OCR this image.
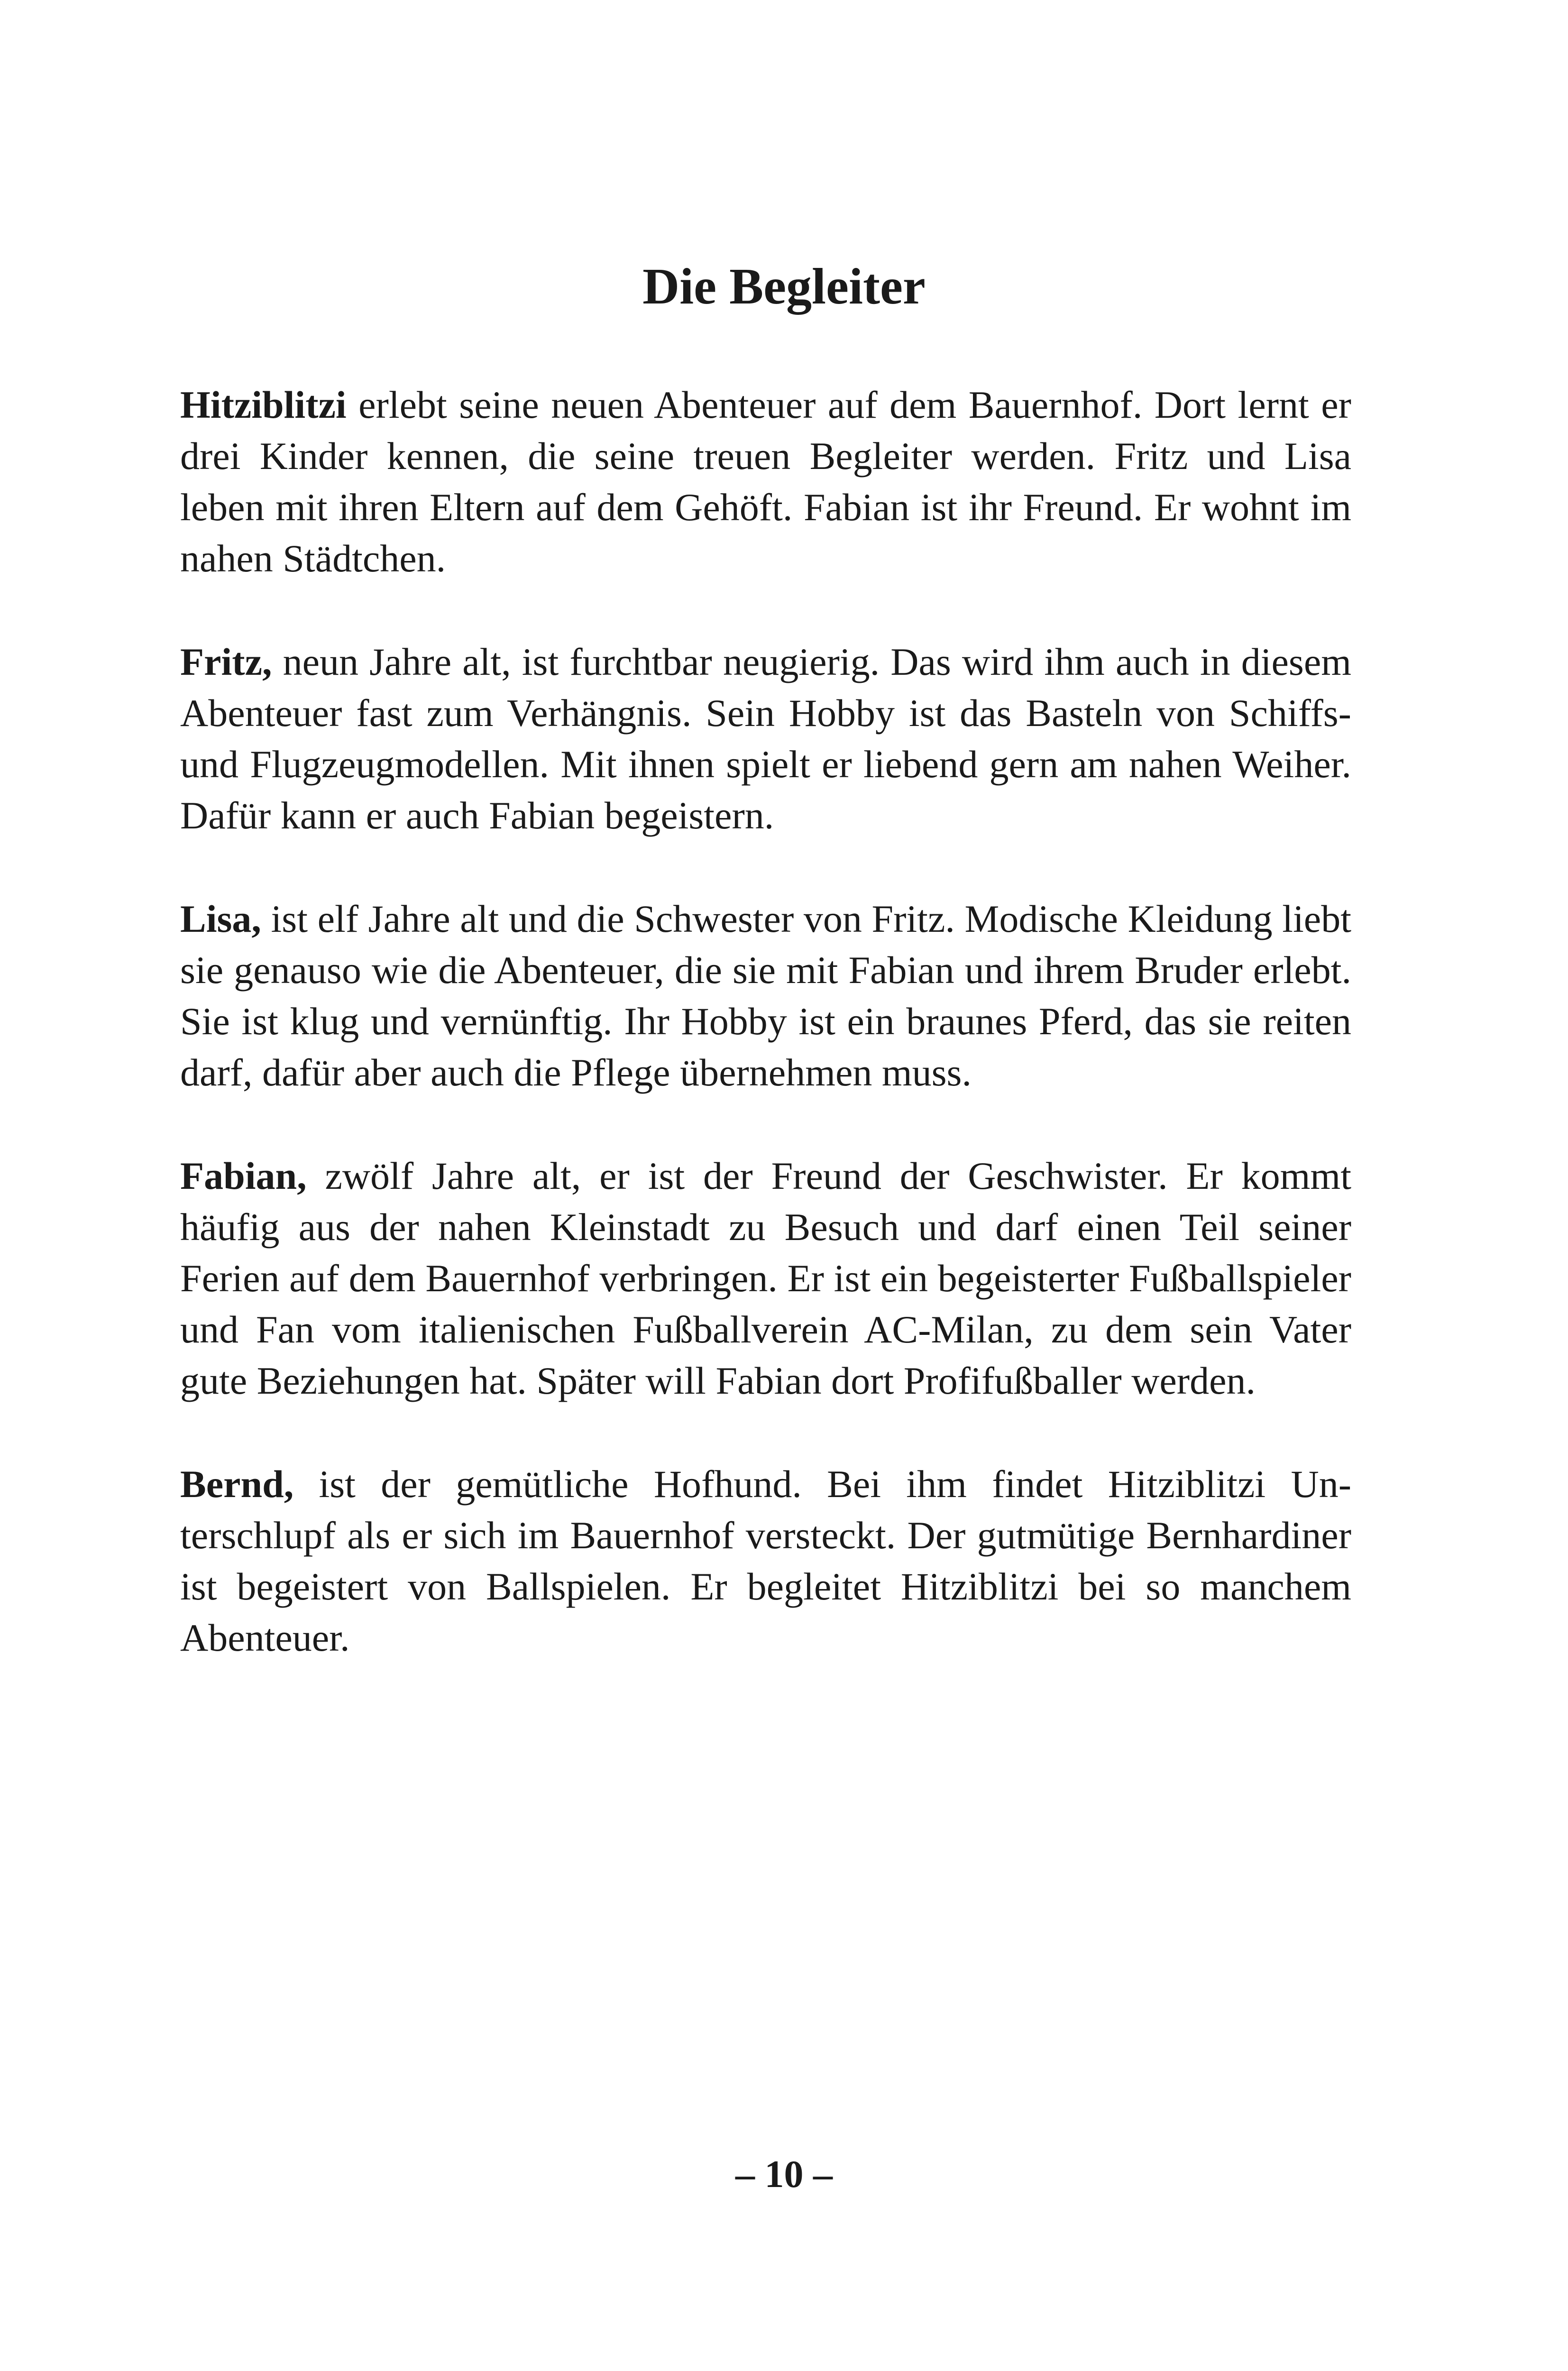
Die Begleiter

Hitziblitzi erlebt seine neuen Abenteuer auf dem Bauernhof. Dort lernt er drei Kinder kennen, die seine treuen Begleiter werden. Fritz und Lisa leben mit ihren Eltern auf dem Gehöft. Fabian ist ihr Freund. Er wohnt im nahen Städtchen.

Fritz, neun Jahre alt, ist furchtbar neugierig. Das wird ihm auch in diesem Abenteuer fast zum Verhängnis. Sein Hobby ist das Basteln von Schiffs- und Flugzeugmodellen. Mit ihnen spielt er liebend gern am nahen Weiher. Dafür kann er auch Fabian begeistern.

Lisa, ist elf Jahre alt und die Schwester von Fritz. Modische Kleidung liebt sie genauso wie die Abenteuer, die sie mit Fabian und ihrem Bruder erlebt. Sie ist klug und vernünftig. Ihr Hobby ist ein braunes Pferd, das sie reiten darf, dafür aber auch die Pflege übernehmen muss.

Fabian, zwölf Jahre alt, er ist der Freund der Geschwister. Er kommt häufig aus der nahen Kleinstadt zu Besuch und darf einen Teil seiner Ferien auf dem Bauernhof verbringen. Er ist ein begeisterter Fußballspieler und Fan vom italienischen Fußballverein AC-Milan, zu dem sein Vater gute Beziehungen hat. Später will Fabian dort Profifußballer werden.

Bernd, ist der gemütliche Hofhund. Bei ihm findet Hitziblitzi Unterschlupf als er sich im Bauernhof versteckt. Der gutmütige Bernhardiner ist begeistert von Ballspielen. Er begleitet Hitziblitzi bei so manchem Abenteuer.

– 10 –
